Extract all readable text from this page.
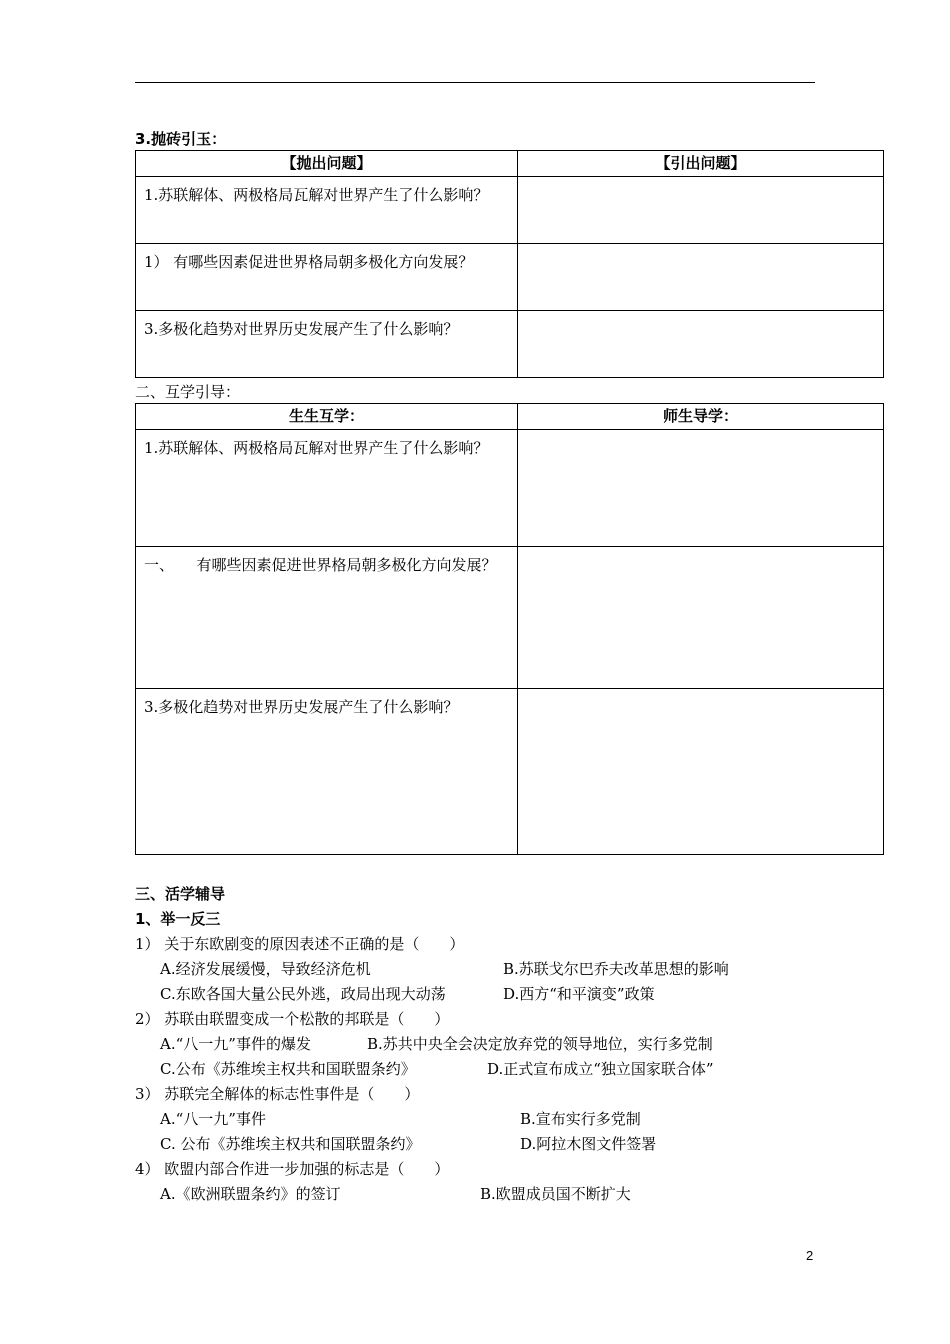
3.抛砖引玉：
【抛出问题】	【引出问题】
1.苏联解体、两极格局瓦解对世界产生了什么影响？	
1） 有哪些因素促进世界格局朝多极化方向发展？	
3.多极化趋势对世界历史发展产生了什么影响？	
二、互学引导：
生生互学：	师生导学：
1.苏联解体、两极格局瓦解对世界产生了什么影响？	
一、　　有哪些因素促进世界格局朝多极化方向发展？	
3.多极化趋势对世界历史发展产生了什么影响？	
三、活学辅导
1、举一反三
1） 关于东欧剧变的原因表述不正确的是（　　）
A.经济发展缓慢，导致经济危机	B.苏联戈尔巴乔夫改革思想的影响
C.东欧各国大量公民外逃，政局出现大动荡	D.西方“和平演变”政策
2） 苏联由联盟变成一个松散的邦联是（　　）
A.“八一九”事件的爆发	B.苏共中央全会决定放弃党的领导地位，实行多党制
C.公布《苏维埃主权共和国联盟条约》	D.正式宣布成立“独立国家联合体”
3） 苏联完全解体的标志性事件是（　　）
A.“八一九”事件	B.宣布实行多党制
C. 公布《苏维埃主权共和国联盟条约》	D.阿拉木图文件签署
4） 欧盟内部合作进一步加强的标志是（　　）
A.《欧洲联盟条约》的签订	B.欧盟成员国不断扩大
2
